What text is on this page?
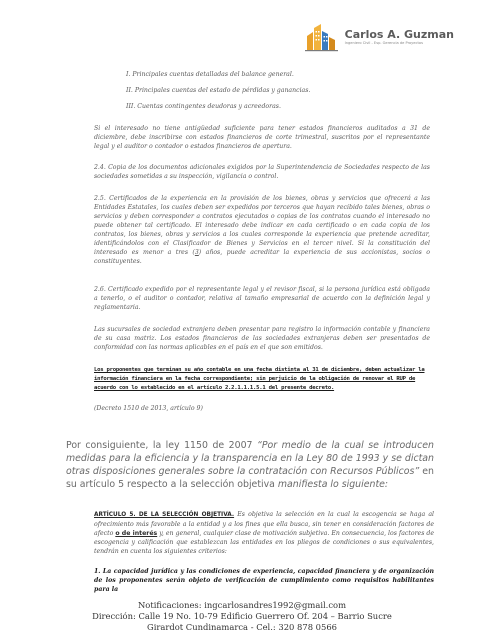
Carlos A. Guzman
Ingeniero Civil - Esp. Gerencia de Proyectos

I. Principales cuentas detalladas del balance general.

II. Principales cuentas del estado de pérdidas y ganancias.

III. Cuentas contingentes deudoras y acreedoras.

Si el interesado no tiene antigüedad suficiente para tener estados financieros auditados a 31 de diciembre, debe inscribirse con estados financieros de corte trimestral, suscritos por el representante legal y el auditor o contador o estados financieros de apertura.

2.4. Copia de los documentos adicionales exigidos por la Superintendencia de Sociedades respecto de las sociedades sometidas a su inspección, vigilancia o control.

2.5. Certificados de la experiencia en la provisión de los bienes, obras y servicios que ofrecerá a las Entidades Estatales, los cuales deben ser expedidos por terceros que hayan recibido tales bienes, obras o servicios y deben corresponder a contratos ejecutados o copias de los contratos cuando el interesado no puede obtener tal certificado. El interesado debe indicar en cada certificado o en cada copia de los contratos, los bienes, obras y servicios a los cuales corresponde la experiencia que pretende acreditar, identificándolos con el Clasificador de Bienes y Servicios en el tercer nivel. Si la constitución del interesado es menor a tres (3) años, puede acreditar la experiencia de sus accionistas, socios o constituyentes.

2.6. Certificado expedido por el representante legal y el revisor fiscal, si la persona jurídica está obligada a tenerlo, o el auditor o contador, relativa al tamaño empresarial de acuerdo con la definición legal y reglamentaria.

Las sucursales de sociedad extranjera deben presentar para registro la información contable y financiera de su casa matriz. Los estados financieros de las sociedades extranjeras deben ser presentados de conformidad con las normas aplicables en el país en el que son emitidos.

Los proponentes que terminan su año contable en una fecha distinta al 31 de diciembre, deben actualizar la información financiera en la fecha correspondiente; sin perjuicio de la obligación de renovar el RUP de acuerdo con lo establecido en el artículo 2.2.1.1.1.5.1 del presente decreto.

(Decreto 1510 de 2013, artículo 9)

Por consiguiente, la ley 1150 de 2007 “Por medio de la cual se introducen medidas para la eficiencia y la transparencia en la Ley 80 de 1993 y se dictan otras disposiciones generales sobre la contratación con Recursos Públicos” en su artículo 5 respecto a la selección objetiva manifiesta lo siguiente:

ARTÍCULO 5. DE LA SELECCIÓN OBJETIVA. Es objetiva la selección en la cual la escogencia se haga al ofrecimiento más favorable a la entidad y a los fines que ella busca, sin tener en consideración factores de afecto o de interés y, en general, cualquier clase de motivación subjetiva. En consecuencia, los factores de escogencia y calificación que establezcan las entidades en los pliegos de condiciones o sus equivalentes, tendrán en cuenta los siguientes criterios:

1. La capacidad jurídica y las condiciones de experiencia, capacidad financiera y de organización de los proponentes serán objeto de verificación de cumplimiento como requisitos habilitantes para la

Notificaciones: ingcarlosandres1992@gmail.com
Dirección: Calle 19 No. 10-79 Edificio Guerrero Of. 204 – Barrio Sucre
Girardot Cundinamarca - Cel.: 320 878 0566
